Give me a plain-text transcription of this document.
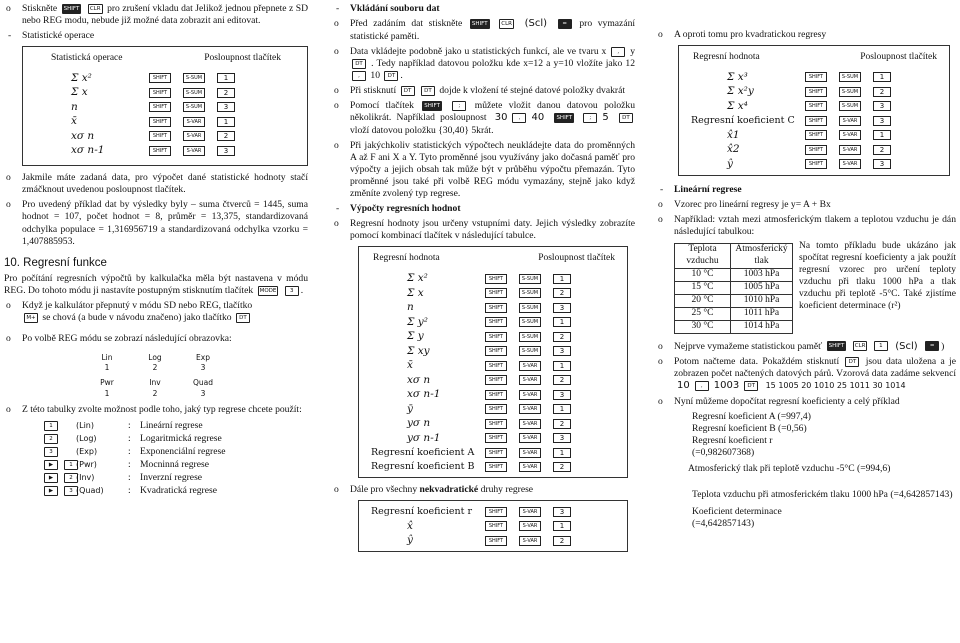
o Stiskněte SHIFT CLR pro zrušení vkladu dat Jelikož jednou přepnete z SD nebo REG modu, nebude již možné data zobrazit ani editovat.
- Statistické operace
Statistická operace	Posloupnost tlačítek
Σ x²	SHIFT	S-SUM	1
Σ x	SHIFT	S-SUM	2
n	SHIFT	S-SUM	3
x̄	SHIFT	S-VAR	1
xσ n	SHIFT	S-VAR	2
xσ n-1	SHIFT	S-VAR	3
o Jakmile máte zadaná data, pro výpočet dané statistické hodnoty stačí zmáčknout uvedenou posloupnost tlačítek.
o Pro uvedený příklad dat by výsledky byly – suma čtverců = 1445, suma hodnot = 107, počet hodnot = 8, průměr = 13,375, standardizovaná odchylka populace = 1,316956719 a standardizovaná odchylka vzorku = 1,407885953.
10. Regresní funkce
Pro počítání regresních výpočtů by kalkulačka měla být nastavena v módu REG. Do tohoto módu ji nastavíte postupným stisknutím tlačítek MODE 3 .
o Když je kalkulátor přepnutý v módu SD nebo REG, tlačítko
M+ se chová (a bude v návodu značeno) jako tlačítko DT
o Po volbě REG módu se zobrazí následující obrazovka:
Lin	Log	Exp
1	2	3
Pwr	Inv	Quad
1	2	3
o Z této tabulky zvolte možnost podle toho, jaký typ regrese chcete použít:
1	(Lin)	: Lineární regrese
2	(Log)	: Logaritmická regrese
3	(Exp)	: Exponenciální regrese
▶	1 (Pwr)	: Mocninná regrese
▶	2 (Inv)	: Inverzní regrese
▶	3 (Quad)	: Kvadratická regrese
- Vkládání souboru dat
o Před zadáním dat stiskněte SHIFT CLR (Scl)	= pro vymazání statistické paměti.
o Data vkládejte podobně jako u statistických funkcí, ale ve tvaru x , y DT . Tedy například datovou položku kde x=12 a y=10 vložíte jako 12 , 10 DT .
o Při stisknutí DT DT dojde k vložení té stejné datové položky dvakrát
o Pomocí tlačítek SHIFT	; můžete vložit danou datovou položku několikrát. Například posloupnost 30 , 40 SHIFT	; 5 DT vloží datovou položku {30,40} 5krát.
o Při jakýchkoliv statistických výpočtech neukládejte data do proměnných A až F ani X a Y. Tyto proměnné jsou využívány jako dočasná paměť pro výpočty a jejich obsah tak může být v průběhu výpočtu přemazán. Tyto proměnné jsou také při volbě REG módu vymazány, stejně jako když změníte zvolený typ regrese.
- Výpočty regresních hodnot
o Regresní hodnoty jsou určeny vstupními daty. Jejich výsledky zobrazíte pomocí kombinací tlačítek v následující tabulce.
Regresní hodnota	Posloupnost tlačítek
Σ x²	SHIFT	S-SUM	1
Σ x	SHIFT	S-SUM	2
n	SHIFT	S-SUM	3
Σ y²	SHIFT	S-SUM	1
Σ y	SHIFT	S-SUM	2
Σ xy	SHIFT	S-SUM	3
x̄	SHIFT	S-VAR	1
xσ n	SHIFT	S-VAR	2
xσ n-1	SHIFT	S-VAR	3
ȳ	SHIFT	S-VAR	1
yσ n	SHIFT	S-VAR	2
yσ n-1	SHIFT	S-VAR	3
Regresní koeficient A	SHIFT	S-VAR	1
Regresní koeficient B	SHIFT	S-VAR	2
o Dále pro všechny nekvadratické druhy regrese
Regresní koeficient r	SHIFT	S-VAR	3
x̂	SHIFT	S-VAR	1
ŷ	SHIFT	S-VAR	2
o A oproti tomu pro kvadratickou regresy
Regresní hodnota	Posloupnost tlačítek
Σ x³	SHIFT	S-SUM	1
Σ x²y	SHIFT	S-SUM	2
Σ x⁴	SHIFT	S-SUM	3
Regresní koeficient C	SHIFT	S-VAR	3
x̂1	SHIFT	S-VAR	1
x̂2	SHIFT	S-VAR	2
ŷ	SHIFT	S-VAR	3
- Lineární regrese
o Vzorec pro lineární regresy je y= A + Bx
o Například: vztah mezi atmosferickým tlakem a teplotou vzduchu je dán následující tabulkou:
Teplota vzduchu	Atmosferický tlak
10 °C	1003 hPa
15 °C	1005 hPa
20 °C	1010 hPa
25 °C	1011 hPa
30 °C	1014 hPa
Na tomto příkladu bude ukázáno jak spočítat regresní koeficienty a jak použít regresní vzorec pro určení teploty vzduchu při tlaku 1000 hPa a tlak vzduchu při teplotě -5°C. Také zjistíme koeficient determinace (r²)
o Nejprve vymažeme statistickou paměť SHIFT CLR 1 (Scl) = )
o Potom načteme data. Pokaždém stisknutí DT jsou data uložena a je zobrazen počet načtených datových párů. Vzorová data zadáme sekvencí 10 , 1003 DT 15 1005 20 1010 25 1011 30 1014
o Nyní můžeme dopočítat regresní koeficienty a celý příklad
Regresní koeficient A (=997,4)
Regresní koeficient B (=0,56)
Regresní koeficient r
(=0,982607368)
Atmosferický tlak při teplotě vzduchu -5°C (=994,6)
Teplota vzduchu při atmosferickém tlaku 1000 hPa (=4,642857143)
Koeficient determinace
(=4,642857143)
